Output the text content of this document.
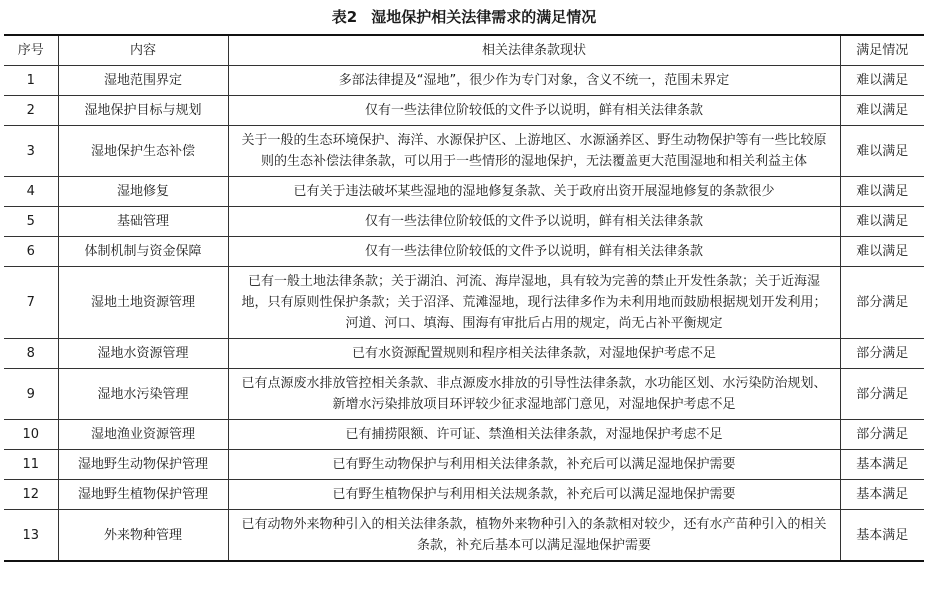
表2 湿地保护相关法律需求的满足情况
序号	内容	相关法律条款现状	满足情况
1	湿地范围界定	多部法律提及“湿地”，很少作为专门对象，含义不统一，范围未界定	难以满足
2	湿地保护目标与规划	仅有一些法律位阶较低的文件予以说明，鲜有相关法律条款	难以满足
3	湿地保护生态补偿	关于一般的生态环境保护、海洋、水源保护区、上游地区、水源涵养区、野生动物保护等有一些比较原则的生态补偿法律条款，可以用于一些情形的湿地保护，无法覆盖更大范围湿地和相关利益主体	难以满足
4	湿地修复	已有关于违法破坏某些湿地的湿地修复条款、关于政府出资开展湿地修复的条款很少	难以满足
5	基础管理	仅有一些法律位阶较低的文件予以说明，鲜有相关法律条款	难以满足
6	体制机制与资金保障	仅有一些法律位阶较低的文件予以说明，鲜有相关法律条款	难以满足
7	湿地土地资源管理	已有一般土地法律条款；关于湖泊、河流、海岸湿地，具有较为完善的禁止开发性条款；关于近海湿地，只有原则性保护条款；关于沼泽、荒滩湿地，现行法律多作为未利用地而鼓励根据规划开发利用；河道、河口、填海、围海有审批后占用的规定，尚无占补平衡规定	部分满足
8	湿地水资源管理	已有水资源配置规则和程序相关法律条款，对湿地保护考虑不足	部分满足
9	湿地水污染管理	已有点源废水排放管控相关条款、非点源废水排放的引导性法律条款，水功能区划、水污染防治规划、新增水污染排放项目环评较少征求湿地部门意见，对湿地保护考虑不足	部分满足
10	湿地渔业资源管理	已有捕捞限额、许可证、禁渔相关法律条款，对湿地保护考虑不足	部分满足
11	湿地野生动物保护管理	已有野生动物保护与利用相关法律条款，补充后可以满足湿地保护需要	基本满足
12	湿地野生植物保护管理	已有野生植物保护与利用相关法规条款，补充后可以满足湿地保护需要	基本满足
13	外来物种管理	已有动物外来物种引入的相关法律条款，植物外来物种引入的条款相对较少，还有水产苗种引入的相关条款，补充后基本可以满足湿地保护需要	基本满足
